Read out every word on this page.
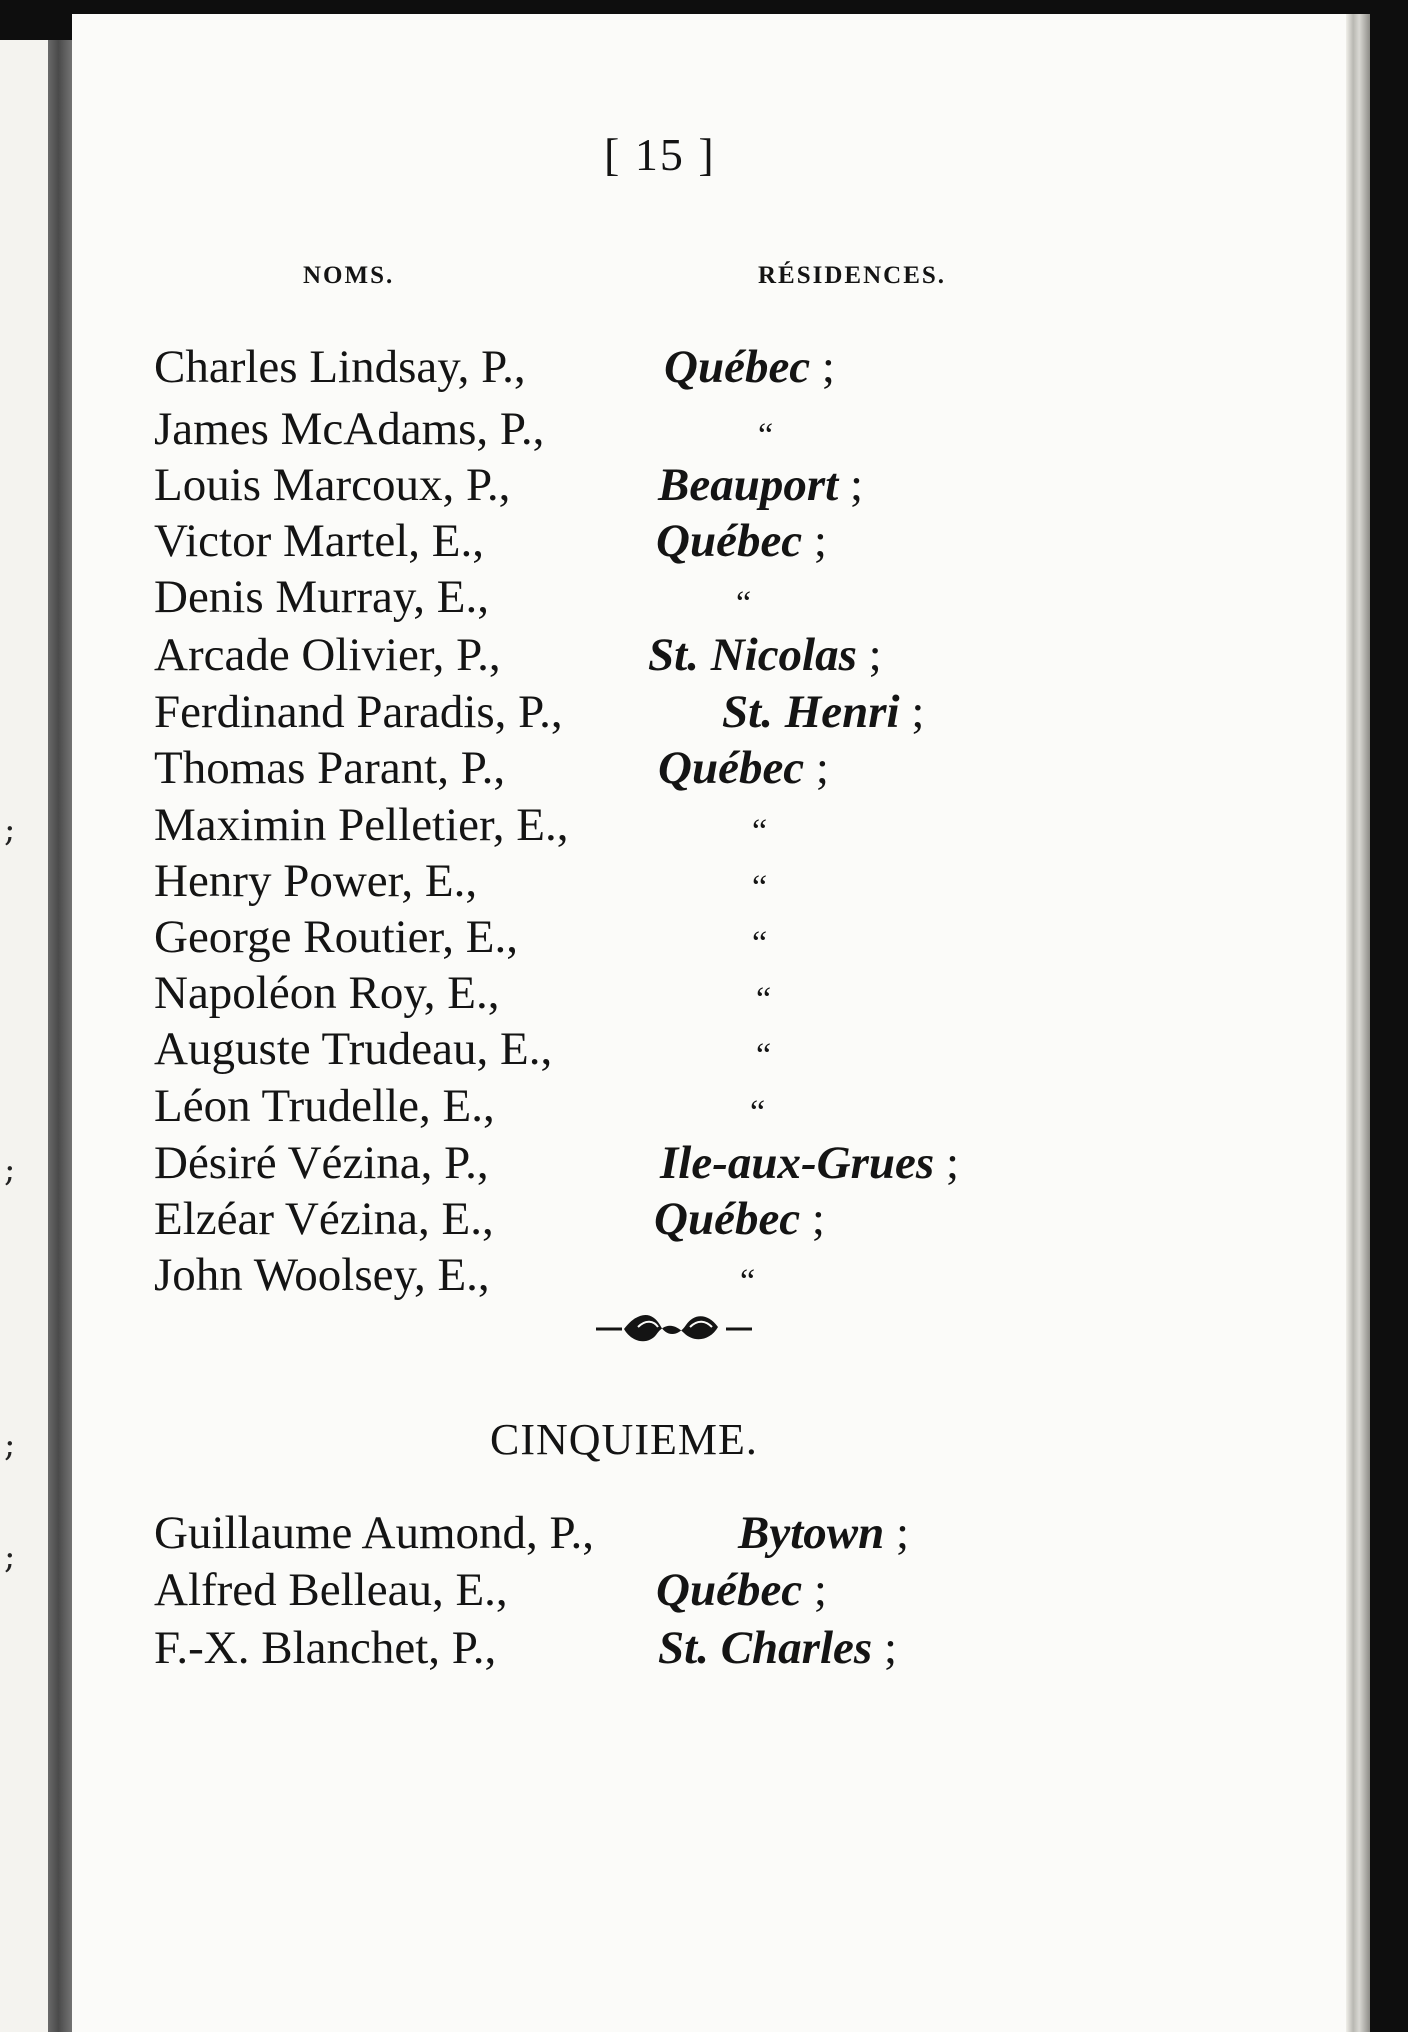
;
;
;
;
[ 15 ]
NOMS.	RÉSIDENCES.
Charles Lindsay, P.,	Québec ;
James McAdams, P.,	“
Louis Marcoux, P.,	Beauport ;
Victor Martel, E.,	Québec ;
Denis Murray, E.,	“
Arcade Olivier, P.,	St. Nicolas ;
Ferdinand Paradis, P.,	St. Henri ;
Thomas Parant, P.,	Québec ;
Maximin Pelletier, E.,	“
Henry Power, E.,	“
George Routier, E.,	“
Napoléon Roy, E.,	“
Auguste Trudeau, E.,	“
Léon Trudelle, E.,	“
Désiré Vézina, P.,	Ile-aux-Grues ;
Elzéar Vézina, E.,	Québec ;
John Woolsey, E.,	“
Guillaume Aumond, P.,	Bytown ;
Alfred Belleau, E.,	Québec ;
F.-X. Blanchet, P.,	St. Charles ;
CINQUIEME.
